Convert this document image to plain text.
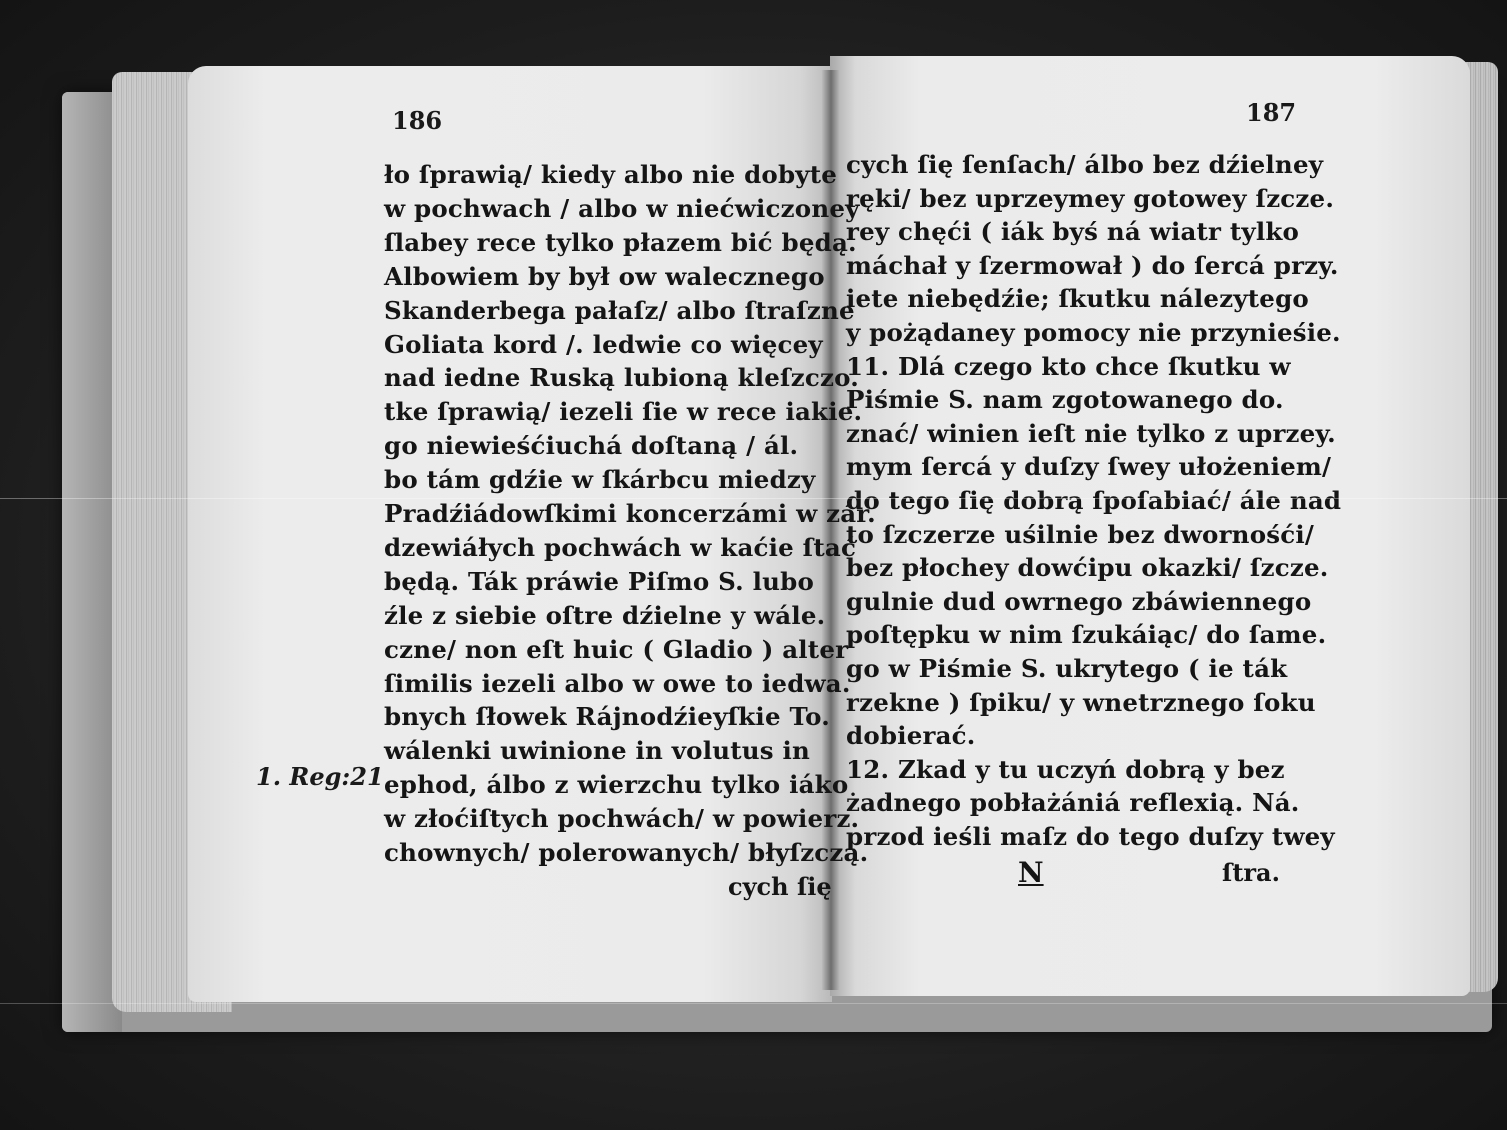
186	187
ło ſprawią/ kiedy albo nie dobyte
w pochwach / albo w niećwiczoney
ſlabey rece tylko płazem bić będą.
Albowiem by był ow walecznego
Skanderbega pałaſz/ albo ſtraſzne
Goliata kord /. ledwie co więcey
nad iedne Ruską lubioną kleſzczo.
tke ſprawią/ iezeli ſie w rece iakie.
go niewieśćiuchá doſtaną / ál.
bo tám gdźie w ſkárbcu miedzy
Pradźiádowſkimi koncerzámi w zár.
dzewiáłych pochwách w kaćie ſtać
będą. Ták práwie Piſmo S. lubo
źle z siebie oſtre dźielne y wále.
czne/ non eſt huic ( Gladio ) alter
ſimilis iezeli albo w owe to iedwa.
bnych ſłowek Rájnodźieyſkie To.
wálenki uwinione in volutus in
ephod, álbo z wierzchu tylko iáko
w złoćiſtych pochwách/ w powierz.
chownych/ polerowanych/ błyſzczą.
cych ſię ſenſach/ álbo bez dźielney
ręki/ bez uprzeymey gotowey ſzcze.
rey chęći ( iák byś ná wiatr tylko
máchał y ſzermował ) do ſercá przy.
iete niebędźie; ſkutku nálezytego
y pożądaney pomocy nie przynieśie.
11. Dlá czego kto chce ſkutku w
Piśmie S. nam zgotowanego do.
znać/ winien ieſt nie tylko z uprzey.
mym ſercá y duſzy ſwey ułożeniem/
do tego ſię dobrą ſpoſabiać/ ále nad
to ſzczerze uśilnie bez dwornośći/
bez płochey dowćipu okazki/ ſzcze.
gulnie dud owrnego zbáwiennego
poſtępku w nim ſzukáiąc/ do ſame.
go w Piśmie S. ukrytego ( ie ták
rzekne ) ſpiku/ y wnetrznego ſoku
dobierać.
12. Zkad y tu uczyń dobrą y bez
żadnego pobłażániá reflexią. Ná.
przod ieśli maſz do tego duſzy twey
1. Reg:21
cych ſię	N	ſtra.
